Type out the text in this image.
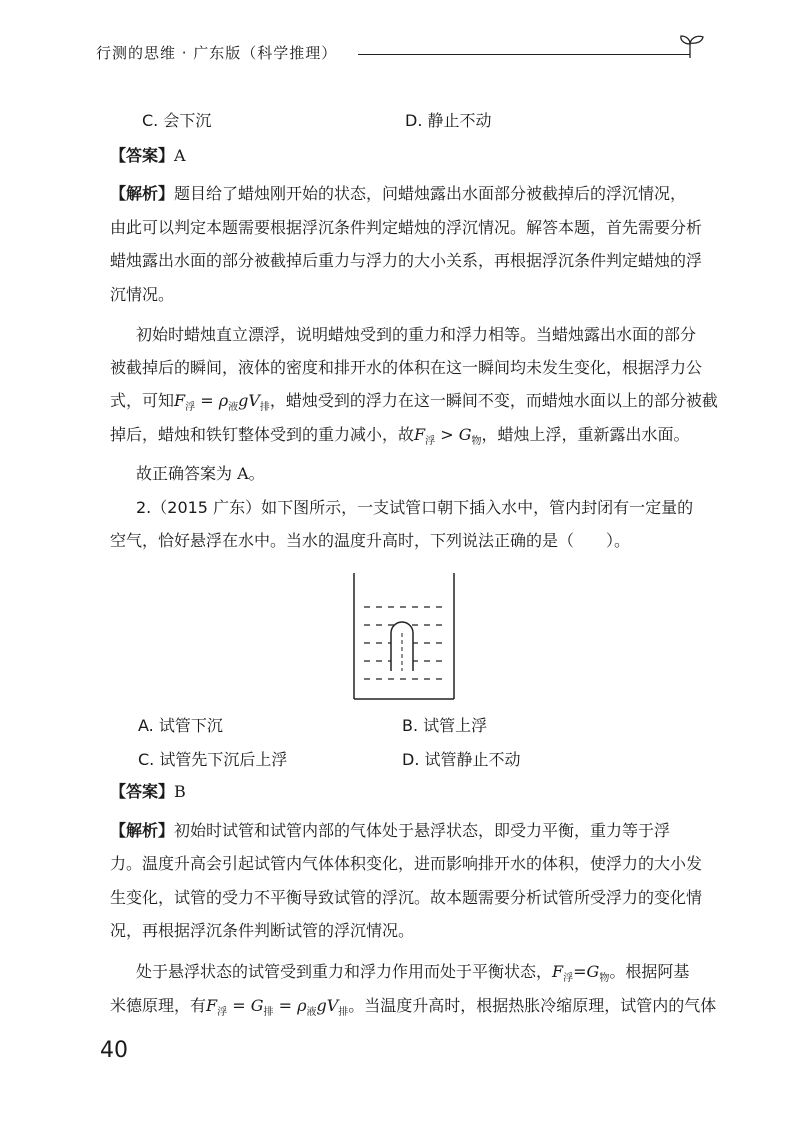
行测的思维 · 广东版（科学推理）
C. 会下沉	D. 静止不动
【答案】A
【解析】题目给了蜡烛刚开始的状态，问蜡烛露出水面部分被截掉后的浮沉情况，
由此可以判定本题需要根据浮沉条件判定蜡烛的浮沉情况。解答本题，首先需要分析
蜡烛露出水面的部分被截掉后重力与浮力的大小关系，再根据浮沉条件判定蜡烛的浮
沉情况。
初始时蜡烛直立漂浮，说明蜡烛受到的重力和浮力相等。当蜡烛露出水面的部分
被截掉后的瞬间，液体的密度和排开水的体积在这一瞬间均未发生变化，根据浮力公
式，可知$F_浮 = \rho_液gV_排$，蜡烛受到的浮力在这一瞬间不变，而蜡烛水面以上的部分被截
掉后，蜡烛和铁钉整体受到的重力减小，故$F_浮 > G_物$，蜡烛上浮，重新露出水面。
故正确答案为 A。
2.（2015 广东）如下图所示，一支试管口朝下插入水中，管内封闭有一定量的
空气，恰好悬浮在水中。当水的温度升高时，下列说法正确的是（　　）。
A. 试管下沉	B. 试管上浮
C. 试管先下沉后上浮	D. 试管静止不动
【答案】B
【解析】初始时试管和试管内部的气体处于悬浮状态，即受力平衡，重力等于浮
力。温度升高会引起试管内气体体积变化，进而影响排开水的体积，使浮力的大小发
生变化，试管的受力不平衡导致试管的浮沉。故本题需要分析试管所受浮力的变化情
况，再根据浮沉条件判断试管的浮沉情况。
处于悬浮状态的试管受到重力和浮力作用而处于平衡状态，$F_浮=G_物$。根据阿基
米德原理，有$F_浮 = G_排 = \rho_液gV_排$。当温度升高时，根据热胀冷缩原理，试管内的气体
40
